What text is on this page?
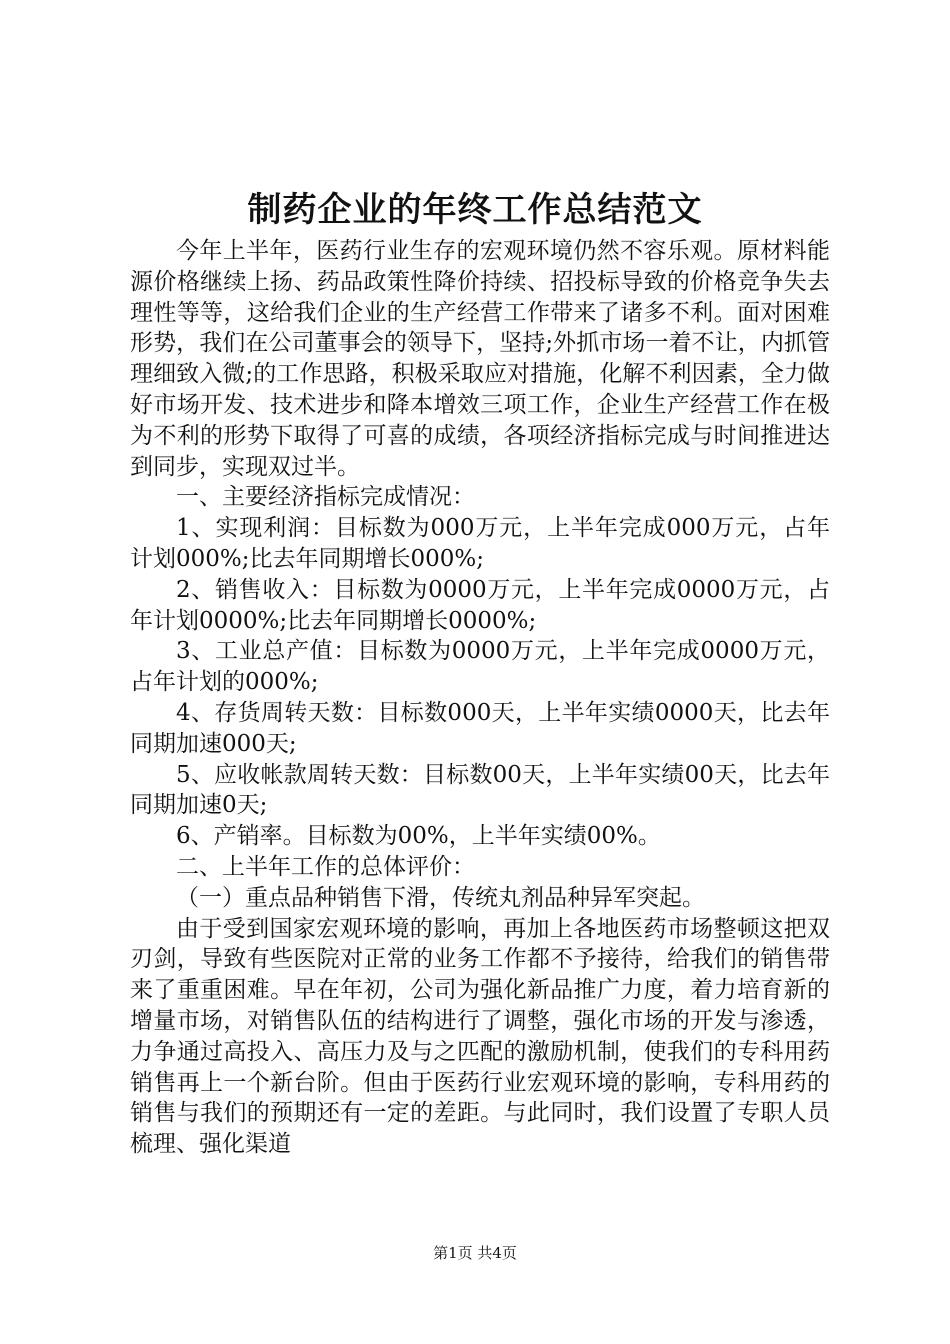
制药企业的年终工作总结范文

今年上半年，医药行业生存的宏观环境仍然不容乐观。原材料能源价格继续上扬、药品政策性降价持续、招投标导致的价格竞争失去理性等等，这给我们企业的生产经营工作带来了诸多不利。面对困难形势，我们在公司董事会的领导下，坚持;外抓市场一着不让，内抓管理细致入微;的工作思路，积极采取应对措施，化解不利因素，全力做好市场开发、技术进步和降本增效三项工作，企业生产经营工作在极为不利的形势下取得了可喜的成绩，各项经济指标完成与时间推进达到同步，实现双过半。

一、主要经济指标完成情况：

1、实现利润：目标数为000万元，上半年完成000万元，占年计划000%;比去年同期增长000%;

2、销售收入：目标数为0000万元，上半年完成0000万元，占年计划0000%;比去年同期增长0000%;

3、工业总产值：目标数为0000万元，上半年完成0000万元，占年计划的000%;

4、存货周转天数：目标数000天，上半年实绩0000天，比去年同期加速000天;

5、应收帐款周转天数：目标数00天，上半年实绩00天，比去年同期加速0天;

6、产销率。目标数为00%，上半年实绩00%。

二、上半年工作的总体评价：

（一）重点品种销售下滑，传统丸剂品种异军突起。

由于受到国家宏观环境的影响，再加上各地医药市场整顿这把双刃剑，导致有些医院对正常的业务工作都不予接待，给我们的销售带来了重重困难。早在年初，公司为强化新品推广力度，着力培育新的增量市场，对销售队伍的结构进行了调整，强化市场的开发与渗透，力争通过高投入、高压力及与之匹配的激励机制，使我们的专科用药销售再上一个新台阶。但由于医药行业宏观环境的影响，专科用药的销售与我们的预期还有一定的差距。与此同时，我们设置了专职人员梳理、强化渠道

第1页 共4页
